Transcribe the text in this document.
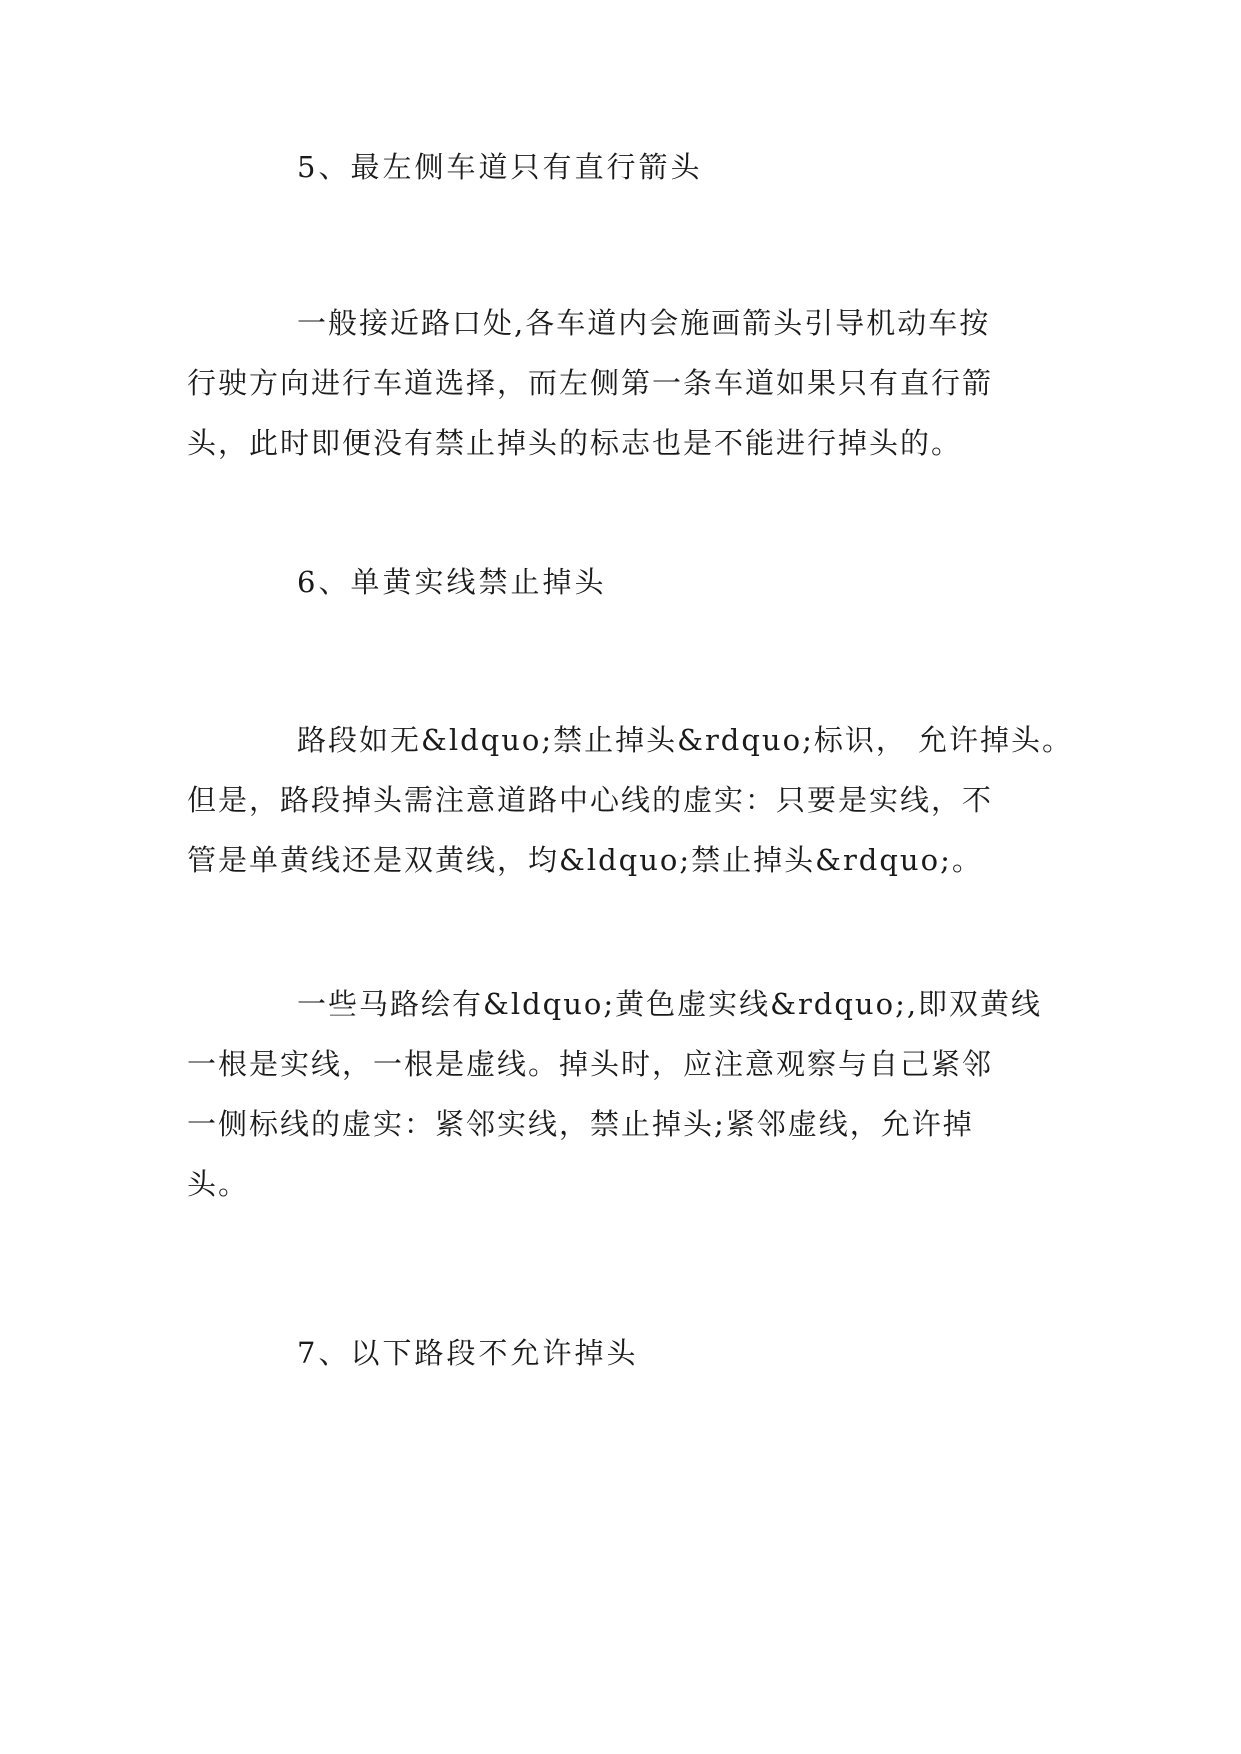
5、最左侧车道只有直行箭头
一般接近路口处,各车道内会施画箭头引导机动车按
行驶方向进行车道选择，而左侧第一条车道如果只有直行箭
头，此时即便没有禁止掉头的标志也是不能进行掉头的。
6、单黄实线禁止掉头
路段如无&ldquo;禁止掉头&rdquo;标识， 允许掉头。
但是，路段掉头需注意道路中心线的虚实：只要是实线，不
管是单黄线还是双黄线，均&ldquo;禁止掉头&rdquo;。
一些马路绘有&ldquo;黄色虚实线&rdquo;,即双黄线
一根是实线，一根是虚线。掉头时，应注意观察与自己紧邻
一侧标线的虚实：紧邻实线，禁止掉头;紧邻虚线，允许掉
头。
7、以下路段不允许掉头
